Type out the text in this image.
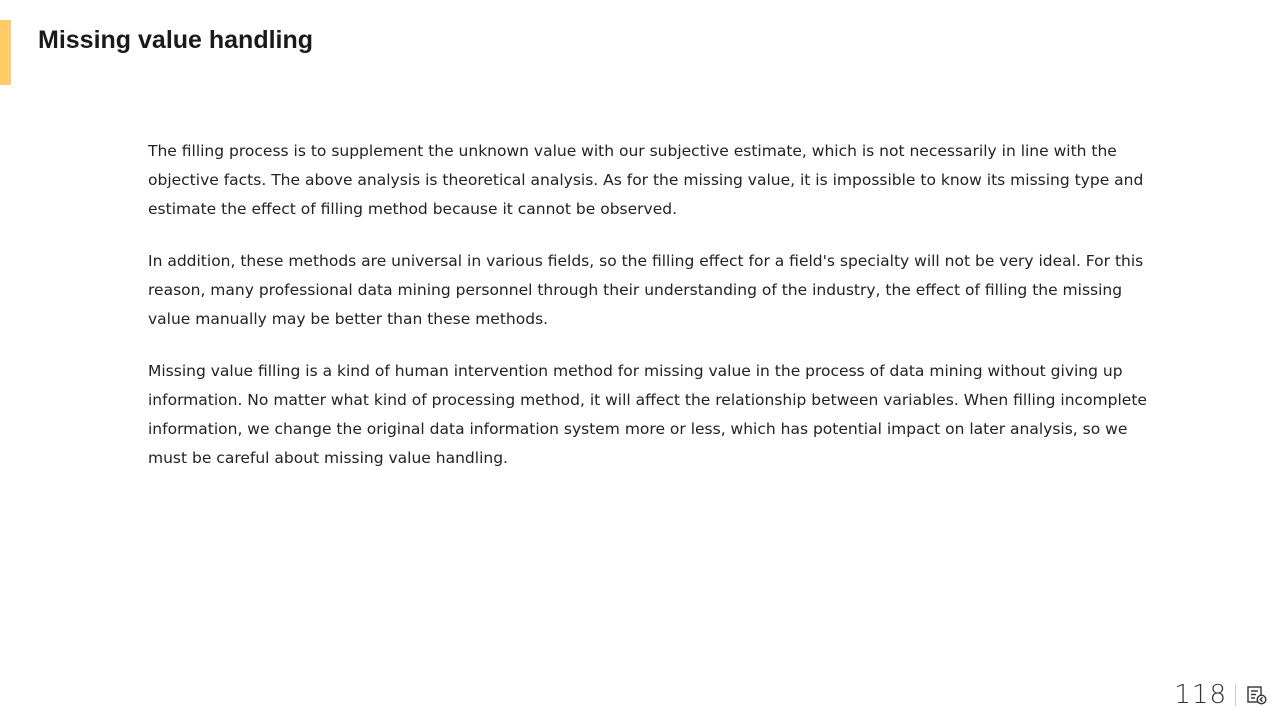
Missing value handling

The filling process is to supplement the unknown value with our subjective estimate, which is not necessarily in line with the objective facts. The above analysis is theoretical analysis. As for the missing value, it is impossible to know its missing type and estimate the effect of filling method because it cannot be observed.

In addition, these methods are universal in various fields, so the filling effect for a field's specialty will not be very ideal. For this reason, many professional data mining personnel through their understanding of the industry, the effect of filling the missing value manually may be better than these methods.

Missing value filling is a kind of human intervention method for missing value in the process of data mining without giving up information. No matter what kind of processing method, it will affect the relationship between variables. When filling incomplete information, we change the original data information system more or less, which has potential impact on later analysis, so we must be careful about missing value handling.

118
